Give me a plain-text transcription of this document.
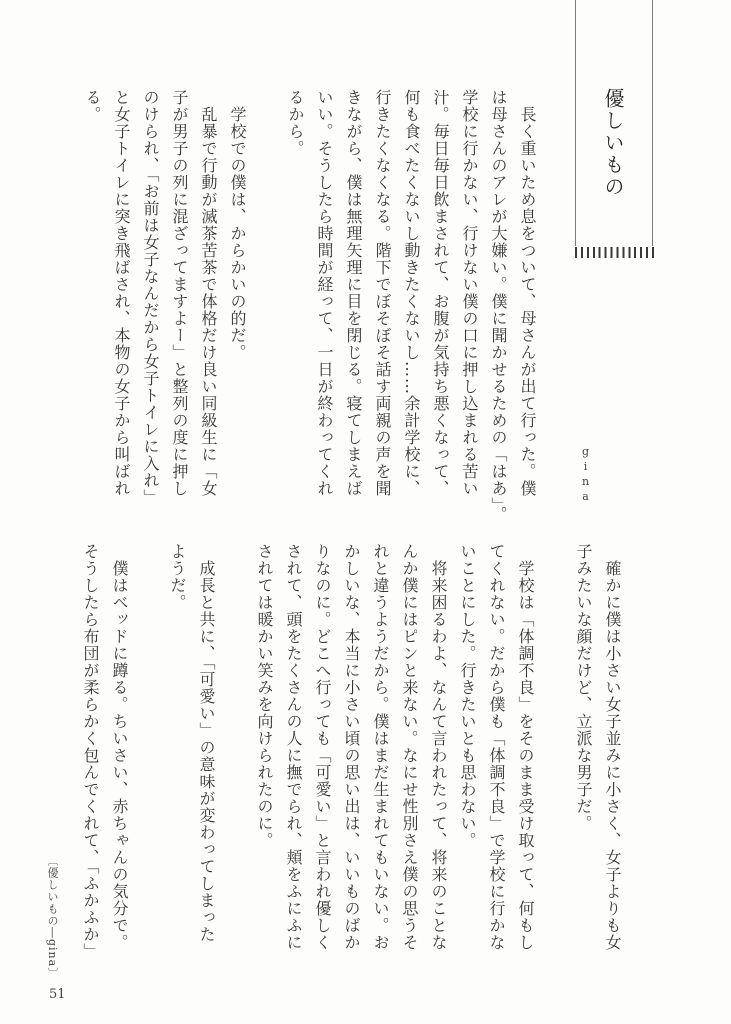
優しいもの
gina
　長く重いため息をついて、母さんが出て行った。僕
は母さんのアレが大嫌い。僕に聞かせるための「はあ」。
学校に行かない、行けない僕の口に押し込まれる苦い
汁。毎日毎日飲まされて、お腹が気持ち悪くなって、
何も食べたくないし動きたくないし……余計学校に、
行きたくなくなる。階下でぼそぼそ話す両親の声を聞
きながら、僕は無理矢理に目を閉じる。寝てしまえば
いい。そうしたら時間が経って、一日が終わってくれ
るから。
　学校での僕は、からかいの的だ。
　乱暴で行動が滅茶苦茶で体格だけ良い同級生に「女
子が男子の列に混ざってますよー」と整列の度に押し
のけられ、「お前は女子なんだから女子トイレに入れ」
と女子トイレに突き飛ばされ、本物の女子から叫ばれ
る。
　確かに僕は小さい女子並みに小さく、女子よりも女
子みたいな顔だけど、立派な男子だ。
　学校は「体調不良」をそのまま受け取って、何もし
てくれない。だから僕も「体調不良」で学校に行かな
いことにした。行きたいとも思わない。
　将来困るわよ、なんて言われたって、将来のことな
んか僕にはピンと来ない。なにせ性別さえ僕の思うそ
れと違うようだから。僕はまだ生まれてもいない。お
かしいな、本当に小さい頃の思い出は、いいものばか
りなのに。どこへ行っても「可愛い」と言われ優しく
されて、頭をたくさんの人に撫でられ、頬をふにふに
されては暖かい笑みを向けられたのに。
　成長と共に、「可愛い」の意味が変わってしまった
ようだ。
　僕はベッドに蹲る。ちいさい、赤ちゃんの気分で。
そうしたら布団が柔らかく包んでくれて、「ふかふか」
〔優しいもの―gina〕
51
